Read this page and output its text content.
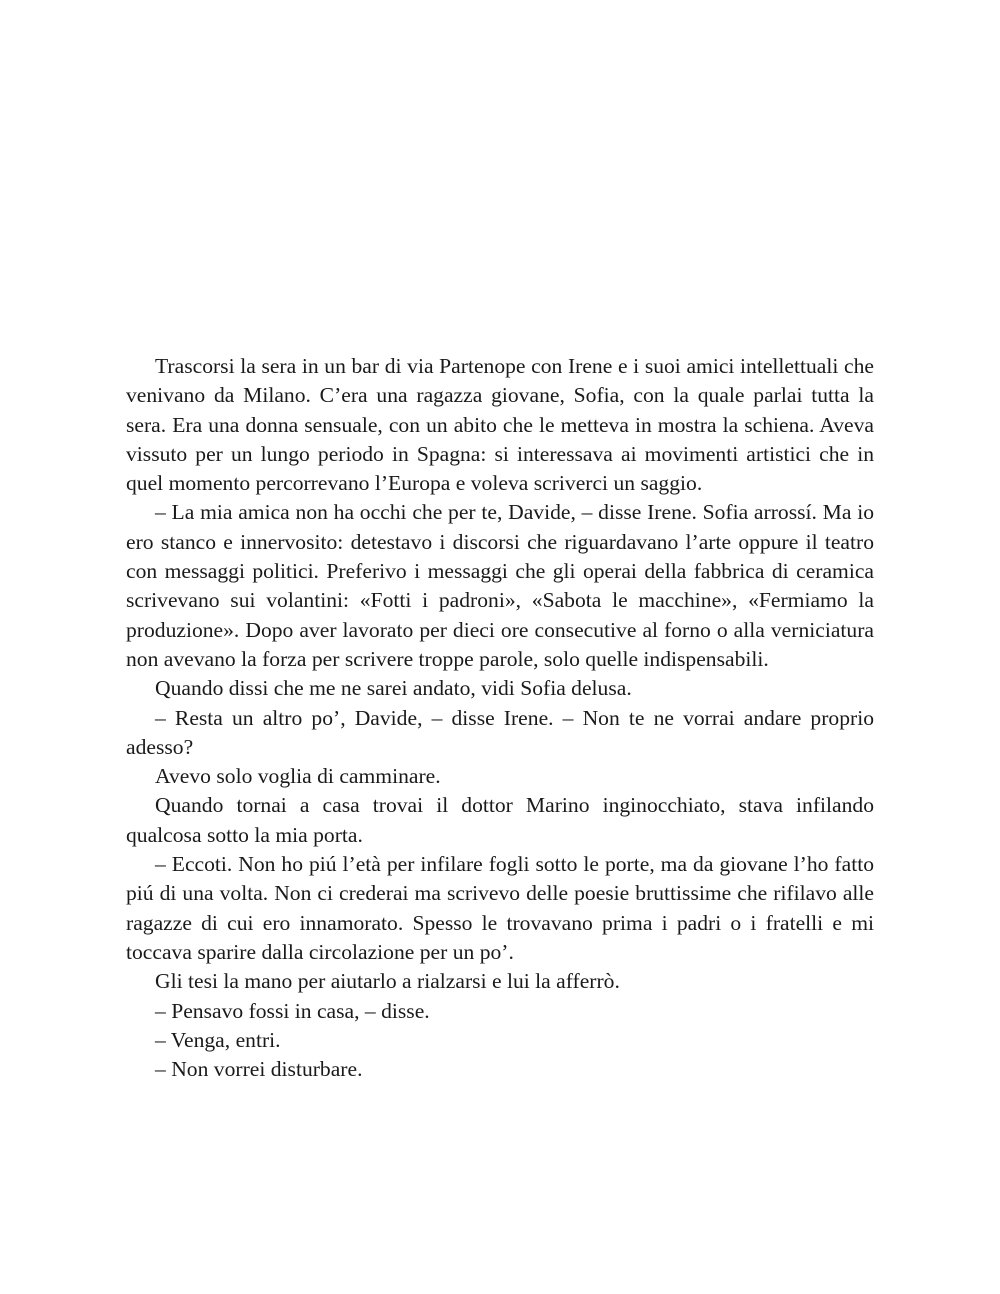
Trascorsi la sera in un bar di via Partenope con Irene e i suoi amici intellettuali che venivano da Milano. C’era una ragazza giovane, Sofia, con la quale parlai tutta la sera. Era una donna sensuale, con un abito che le metteva in mostra la schiena. Aveva vissuto per un lungo periodo in Spagna: si interessava ai movimenti artistici che in quel momento percorrevano l’Europa e voleva scriverci un saggio.

– La mia amica non ha occhi che per te, Davide, – disse Irene. Sofia arrossí. Ma io ero stanco e innervosito: detestavo i discorsi che riguardavano l’arte oppure il teatro con messaggi politici. Preferivo i messaggi che gli operai della fabbrica di ceramica scrivevano sui volantini: «Fotti i padroni», «Sabota le macchine», «Fermiamo la produzione». Dopo aver lavorato per dieci ore consecutive al forno o alla verniciatura non avevano la forza per scrivere troppe parole, solo quelle indispensabili.

Quando dissi che me ne sarei andato, vidi Sofia delusa.

– Resta un altro po’, Davide, – disse Irene. – Non te ne vorrai andare proprio adesso?

Avevo solo voglia di camminare.

Quando tornai a casa trovai il dottor Marino inginocchiato, stava infilando qualcosa sotto la mia porta.

– Eccoti. Non ho piú l’età per infilare fogli sotto le porte, ma da giovane l’ho fatto piú di una volta. Non ci crederai ma scrivevo delle poesie bruttissime che rifilavo alle ragazze di cui ero innamorato. Spesso le trovavano prima i padri o i fratelli e mi toccava sparire dalla circolazione per un po’.

Gli tesi la mano per aiutarlo a rialzarsi e lui la afferrò.

– Pensavo fossi in casa, – disse.

– Venga, entri.

– Non vorrei disturbare.
